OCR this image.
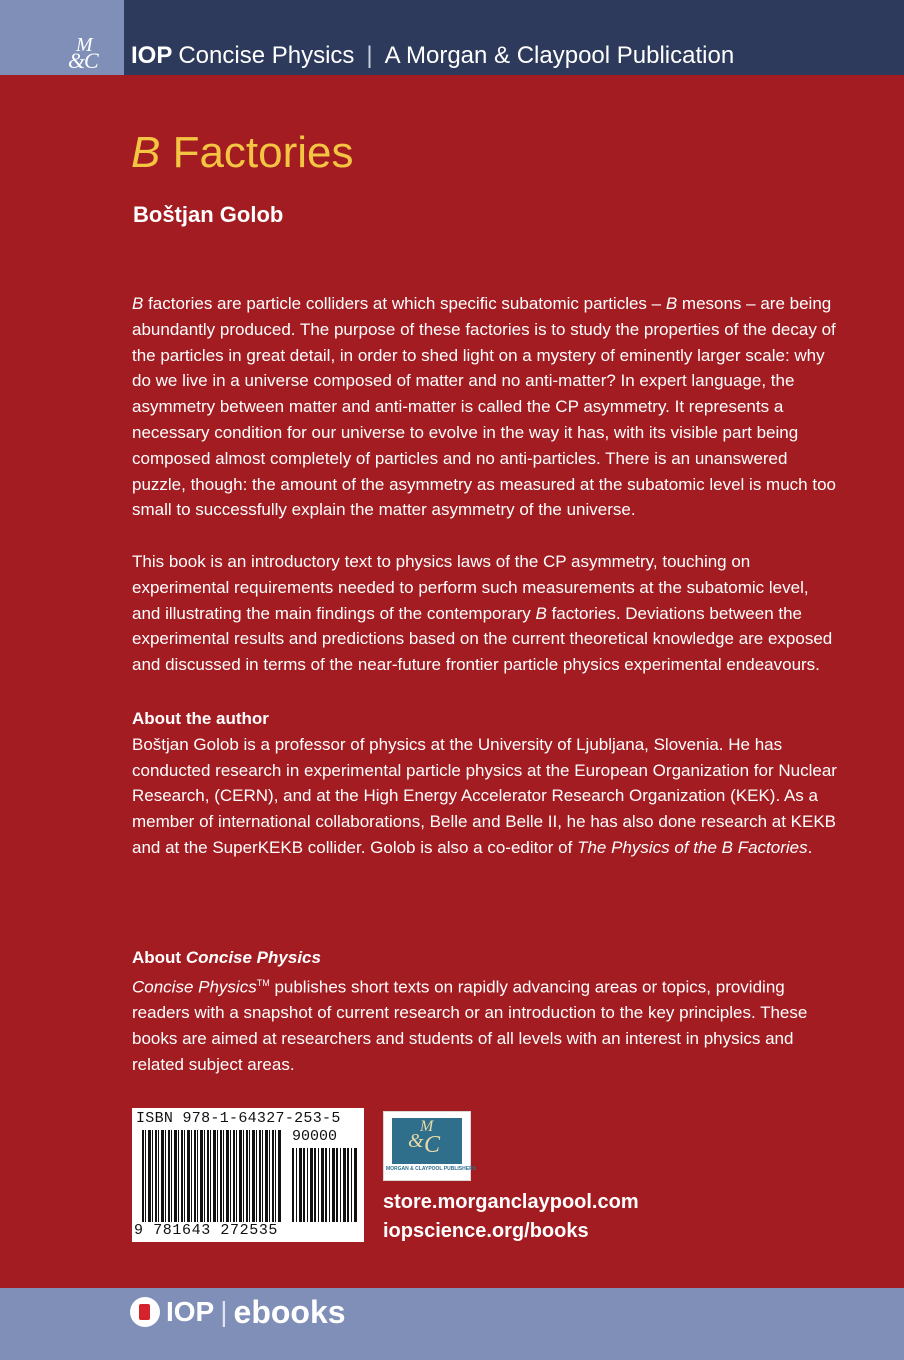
M
&
C IOP Concise Physics | A Morgan & Claypool Publication
B Factories
Boštjan Golob
B factories are particle colliders at which specific subatomic particles – B mesons – are being abundantly produced. The purpose of these factories is to study the properties of the decay of the particles in great detail, in order to shed light on a mystery of eminently larger scale: why do we live in a universe composed of matter and no anti-matter? In expert language, the asymmetry between matter and anti-matter is called the CP asymmetry. It represents a necessary condition for our universe to evolve in the way it has, with its visible part being composed almost completely of particles and no anti-particles. There is an unanswered puzzle, though: the amount of the asymmetry as measured at the subatomic level is much too small to successfully explain the matter asymmetry of the universe.
This book is an introductory text to physics laws of the CP asymmetry, touching on experimental requirements needed to perform such measurements at the subatomic level, and illustrating the main findings of the contemporary B factories. Deviations between the experimental results and predictions based on the current theoretical knowledge are exposed and discussed in terms of the near-future frontier particle physics experimental endeavours.
About the author
Boštjan Golob is a professor of physics at the University of Ljubljana, Slovenia. He has conducted research in experimental particle physics at the European Organization for Nuclear Research, (CERN), and at the High Energy Accelerator Research Organization (KEK). As a member of international collaborations, Belle and Belle II, he has also done research at KEKB and at the SuperKEKB collider. Golob is also a co-editor of The Physics of the B Factories.
About Concise Physics
Concise Physics™ publishes short texts on rapidly advancing areas or topics, providing readers with a snapshot of current research or an introduction to the key principles. These books are aimed at researchers and students of all levels with an interest in physics and related subject areas.
ISBN 978-1-64327-253-5
90000
9 781643 272535
M
& C
MORGAN & CLAYPOOL PUBLISHERS
store.morganclaypool.com
iopscience.org/books
IOP | ebooks
